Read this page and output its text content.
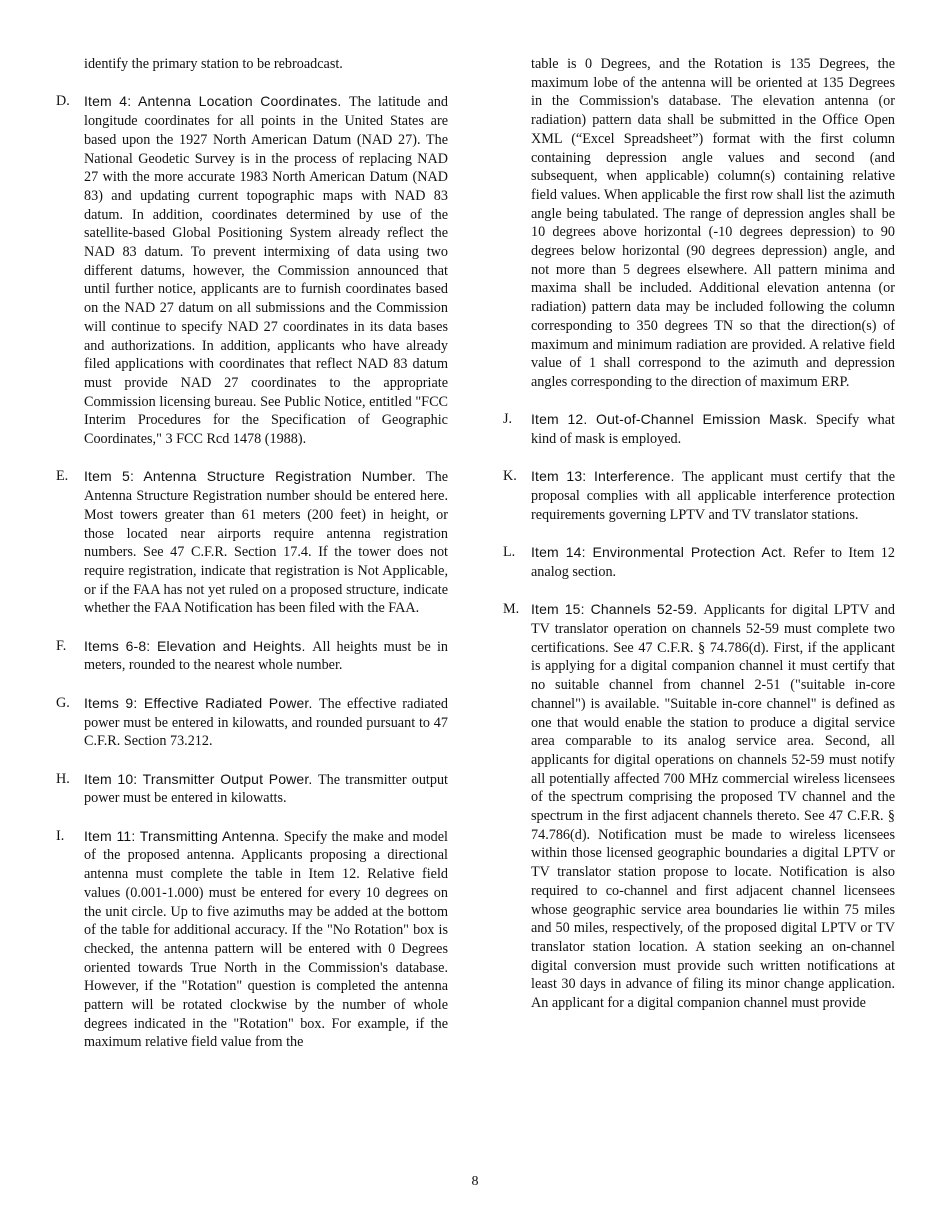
identify the primary station to be rebroadcast.
D. Item 4: Antenna Location Coordinates. The latitude and longitude coordinates for all points in the United States are based upon the 1927 North American Datum (NAD 27). The National Geodetic Survey is in the process of replacing NAD 27 with the more accurate 1983 North American Datum (NAD 83) and updating current topographic maps with NAD 83 datum. In addition, coordinates determined by use of the satellite-based Global Positioning System already reflect the NAD 83 datum. To prevent intermixing of data using two different datums, however, the Commission announced that until further notice, applicants are to furnish coordinates based on the NAD 27 datum on all submissions and the Commission will continue to specify NAD 27 coordinates in its data bases and authorizations. In addition, applicants who have already filed applications with coordinates that reflect NAD 83 datum must provide NAD 27 coordinates to the appropriate Commission licensing bureau. See Public Notice, entitled "FCC Interim Procedures for the Specification of Geographic Coordinates," 3 FCC Rcd 1478 (1988).
E. Item 5: Antenna Structure Registration Number. The Antenna Structure Registration number should be entered here. Most towers greater than 61 meters (200 feet) in height, or those located near airports require antenna registration numbers. See 47 C.F.R. Section 17.4. If the tower does not require registration, indicate that registration is Not Applicable, or if the FAA has not yet ruled on a proposed structure, indicate whether the FAA Notification has been filed with the FAA.
F. Items 6-8: Elevation and Heights. All heights must be in meters, rounded to the nearest whole number.
G. Items 9: Effective Radiated Power. The effective radiated power must be entered in kilowatts, and rounded pursuant to 47 C.F.R. Section 73.212.
H. Item 10: Transmitter Output Power. The transmitter output power must be entered in kilowatts.
I. Item 11: Transmitting Antenna. Specify the make and model of the proposed antenna. Applicants proposing a directional antenna must complete the table in Item 12. Relative field values (0.001-1.000) must be entered for every 10 degrees on the unit circle. Up to five azimuths may be added at the bottom of the table for additional accuracy. If the "No Rotation" box is checked, the antenna pattern will be entered with 0 Degrees oriented towards True North in the Commission's database. However, if the "Rotation" question is completed the antenna pattern will be rotated clockwise by the number of whole degrees indicated in the "Rotation" box. For example, if the maximum relative field value from the
table is 0 Degrees, and the Rotation is 135 Degrees, the maximum lobe of the antenna will be oriented at 135 Degrees in the Commission's database. The elevation antenna (or radiation) pattern data shall be submitted in the Office Open XML (“Excel Spreadsheet”) format with the first column containing depression angle values and second (and subsequent, when applicable) column(s) containing relative field values. When applicable the first row shall list the azimuth angle being tabulated. The range of depression angles shall be 10 degrees above horizontal (-10 degrees depression) to 90 degrees below horizontal (90 degrees depression) angle, and not more than 5 degrees elsewhere. All pattern minima and maxima shall be included. Additional elevation antenna (or radiation) pattern data may be included following the column corresponding to 350 degrees TN so that the direction(s) of maximum and minimum radiation are provided. A relative field value of 1 shall correspond to the azimuth and depression angles corresponding to the direction of maximum ERP.
J. Item 12. Out-of-Channel Emission Mask. Specify what kind of mask is employed.
K. Item 13: Interference. The applicant must certify that the proposal complies with all applicable interference protection requirements governing LPTV and TV translator stations.
L. Item 14: Environmental Protection Act. Refer to Item 12 analog section.
M. Item 15: Channels 52-59. Applicants for digital LPTV and TV translator operation on channels 52-59 must complete two certifications. See 47 C.F.R. § 74.786(d). First, if the applicant is applying for a digital companion channel it must certify that no suitable channel from channel 2-51 ("suitable in-core channel") is available. "Suitable in-core channel" is defined as one that would enable the station to produce a digital service area comparable to its analog service area. Second, all applicants for digital operations on channels 52-59 must notify all potentially affected 700 MHz commercial wireless licensees of the spectrum comprising the proposed TV channel and the spectrum in the first adjacent channels thereto. See 47 C.F.R. § 74.786(d). Notification must be made to wireless licensees within those licensed geographic boundaries a digital LPTV or TV translator station propose to locate. Notification is also required to co-channel and first adjacent channel licensees whose geographic service area boundaries lie within 75 miles and 50 miles, respectively, of the proposed digital LPTV or TV translator station location. A station seeking an on-channel digital conversion must provide such written notifications at least 30 days in advance of filing its minor change application. An applicant for a digital companion channel must provide
8
